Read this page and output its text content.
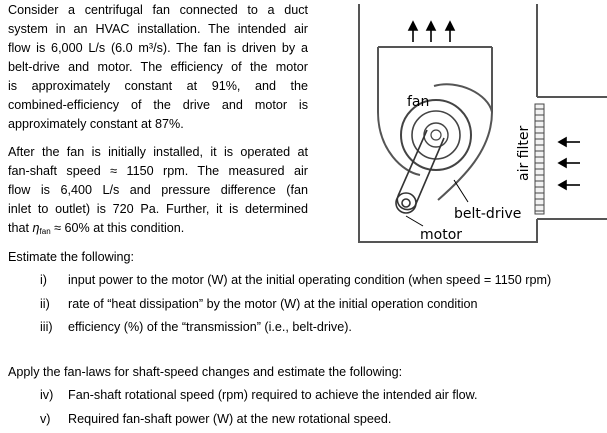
Consider a centrifugal fan connected to a duct
system in an HVAC installation. The intended air
flow is 6,000 L/s (6.0 m³/s). The fan is driven by a
belt-drive and motor. The efficiency of the motor
is approximately constant at 91%, and the
combined-efficiency of the drive and motor is
approximately constant at 87%.
After the fan is initially installed, it is operated at
fan-shaft speed ≈ 1150 rpm. The measured air
flow is 6,400 L/s and pressure difference (fan
inlet to outlet) is 720 Pa. Further, it is determined
that $\eta_{fan} \approx 60\%$ at this condition.
fan
air filter
belt-drive
motor
Estimate the following:
i) input power to the motor (W) at the initial operating condition (when speed = 1150 rpm)
ii) rate of “heat dissipation” by the motor (W) at the initial operation condition
iii) efficiency (%) of the “transmission” (i.e., belt-drive).
Apply the fan-laws for shaft-speed changes and estimate the following:
iv) Fan-shaft rotational speed (rpm) required to achieve the intended air flow.
v) Required fan-shaft power (W) at the new rotational speed.
